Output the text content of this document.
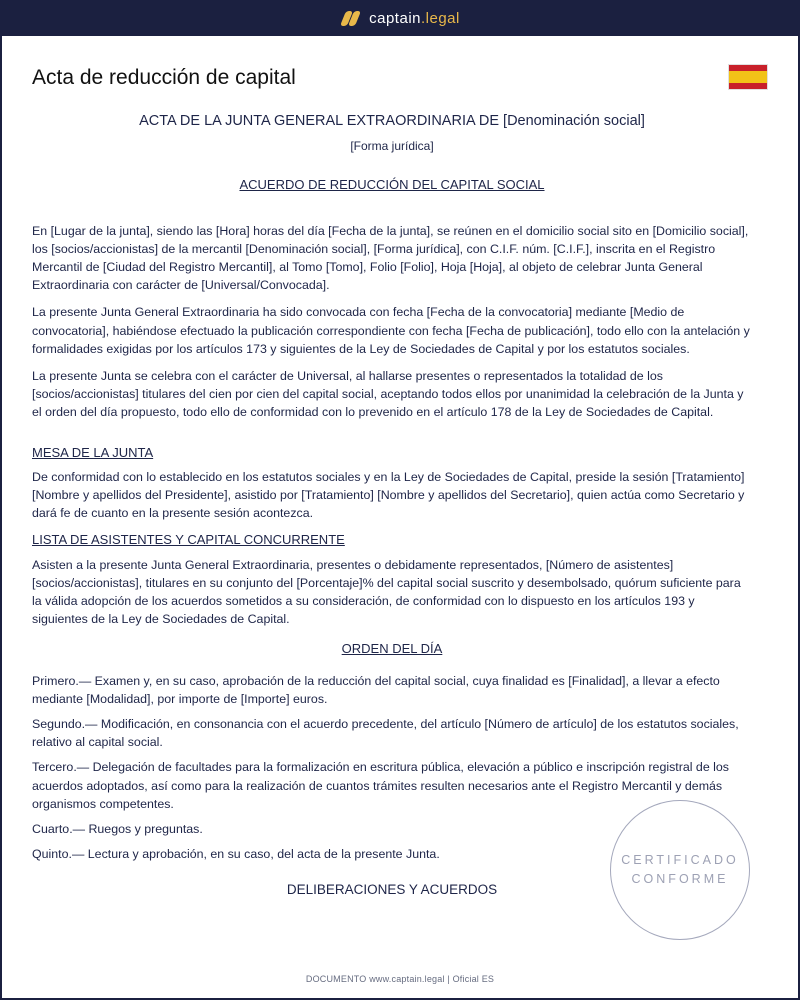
captain.legal
Acta de reducción de capital
ACTA DE LA JUNTA GENERAL EXTRAORDINARIA DE [Denominación social]
[Forma jurídica]
ACUERDO DE REDUCCIÓN DEL CAPITAL SOCIAL

En [Lugar de la junta], siendo las [Hora] horas del día [Fecha de la junta], se reúnen en el domicilio social sito en [Domicilio social], los [socios/accionistas] de la mercantil [Denominación social], [Forma jurídica], con C.I.F. núm. [C.I.F.], inscrita en el Registro Mercantil de [Ciudad del Registro Mercantil], al Tomo [Tomo], Folio [Folio], Hoja [Hoja], al objeto de celebrar Junta General Extraordinaria con carácter de [Universal/Convocada].

La presente Junta General Extraordinaria ha sido convocada con fecha [Fecha de la convocatoria] mediante [Medio de convocatoria], habiéndose efectuado la publicación correspondiente con fecha [Fecha de publicación], todo ello con la antelación y formalidades exigidas por los artículos 173 y siguientes de la Ley de Sociedades de Capital y por los estatutos sociales.

La presente Junta se celebra con el carácter de Universal, al hallarse presentes o representados la totalidad de los [socios/accionistas] titulares del cien por cien del capital social, aceptando todos ellos por unanimidad la celebración de la Junta y el orden del día propuesto, todo ello de conformidad con lo prevenido en el artículo 178 de la Ley de Sociedades de Capital.

MESA DE LA JUNTA

De conformidad con lo establecido en los estatutos sociales y en la Ley de Sociedades de Capital, preside la sesión [Tratamiento] [Nombre y apellidos del Presidente], asistido por [Tratamiento] [Nombre y apellidos del Secretario], quien actúa como Secretario y dará fe de cuanto en la presente sesión acontezca.

LISTA DE ASISTENTES Y CAPITAL CONCURRENTE

Asisten a la presente Junta General Extraordinaria, presentes o debidamente representados, [Número de asistentes] [socios/accionistas], titulares en su conjunto del [Porcentaje]% del capital social suscrito y desembolsado, quórum suficiente para la válida adopción de los acuerdos sometidos a su consideración, de conformidad con lo dispuesto en los artículos 193 y siguientes de la Ley de Sociedades de Capital.

ORDEN DEL DÍA

Primero.— Examen y, en su caso, aprobación de la reducción del capital social, cuya finalidad es [Finalidad], a llevar a efecto mediante [Modalidad], por importe de [Importe] euros.

Segundo.— Modificación, en consonancia con el acuerdo precedente, del artículo [Número de artículo] de los estatutos sociales, relativo al capital social.

Tercero.— Delegación de facultades para la formalización en escritura pública, elevación a público e inscripción registral de los acuerdos adoptados, así como para la realización de cuantos trámites resulten necesarios ante el Registro Mercantil y demás organismos competentes.

Cuarto.— Ruegos y preguntas.

Quinto.— Lectura y aprobación, en su caso, del acta de la presente Junta.

DELIBERACIONES Y ACUERDOS
CERTIFICADO
CONFORME
DOCUMENTO www.captain.legal | Oficial ES
